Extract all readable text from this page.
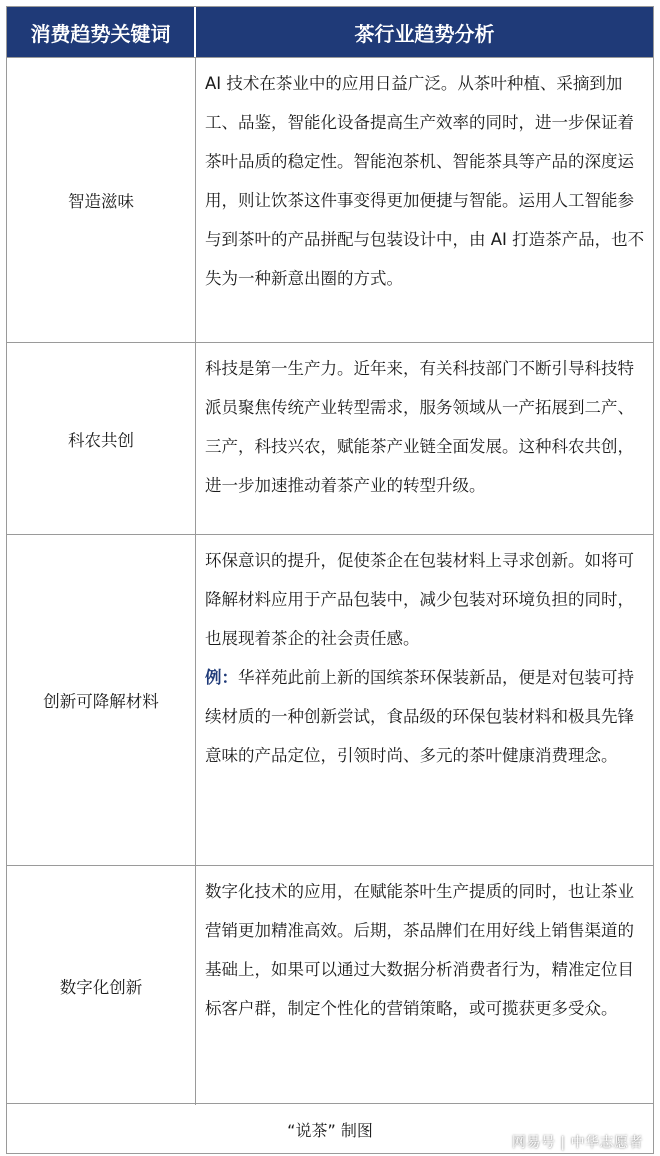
消费趋势关键词	茶行业趋势分析
智造滋味

AI 技术在茶业中的应用日益广泛。从茶叶种植、采摘到加工、品鉴，智能化设备提高生产效率的同时，进一步保证着茶叶品质的稳定性。智能泡茶机、智能茶具等产品的深度运用，则让饮茶这件事变得更加便捷与智能。运用人工智能参与到茶叶的产品拼配与包装设计中，由 AI 打造茶产品，也不失为一种新意出圈的方式。

科农共创

科技是第一生产力。近年来，有关科技部门不断引导科技特派员聚焦传统产业转型需求，服务领域从一产拓展到二产、三产，科技兴农，赋能茶产业链全面发展。这种科农共创，进一步加速推动着茶产业的转型升级。

创新可降解材料

环保意识的提升，促使茶企在包装材料上寻求创新。如将可降解材料应用于产品包装中，减少包装对环境负担的同时，也展现着茶企的社会责任感。

例：华祥苑此前上新的国缤茶环保装新品，便是对包装可持续材质的一种创新尝试，食品级的环保包装材料和极具先锋意味的产品定位，引领时尚、多元的茶叶健康消费理念。

数字化创新

数字化技术的应用，在赋能茶叶生产提质的同时，也让茶业营销更加精准高效。后期，茶品牌们在用好线上销售渠道的基础上，如果可以通过大数据分析消费者行为，精准定位目标客户群，制定个性化的营销策略，或可揽获更多受众。

“说茶” 制图
网易号 | 中华志愿者
